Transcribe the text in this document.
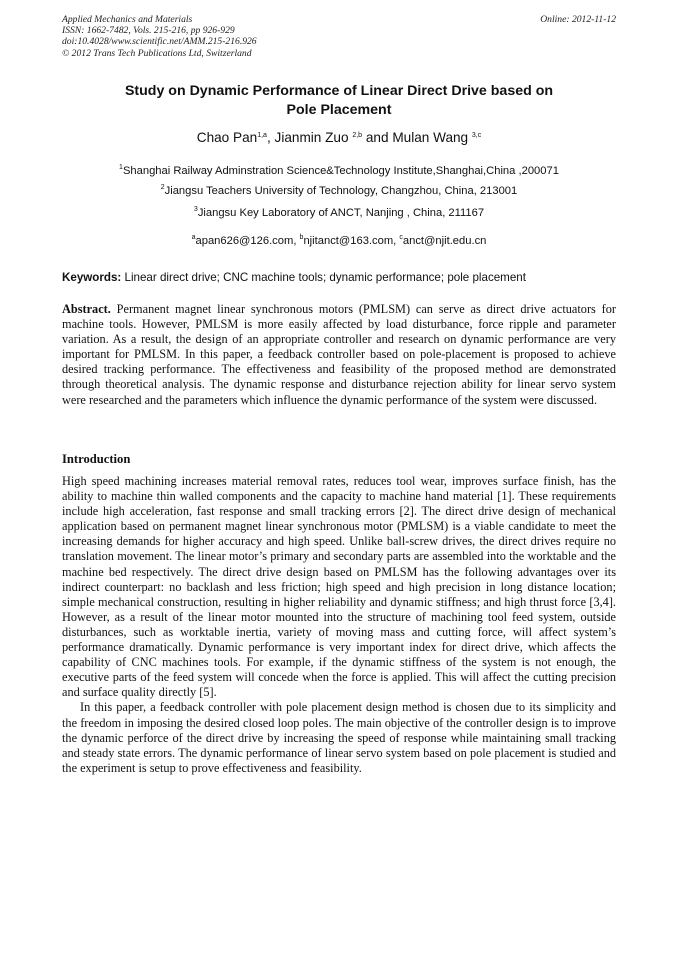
Applied Mechanics and Materials
ISSN: 1662-7482, Vols. 215-216, pp 926-929
doi:10.4028/www.scientific.net/AMM.215-216.926
© 2012 Trans Tech Publications Ltd, Switzerland
Online: 2012-11-12
Study on Dynamic Performance of Linear Direct Drive based on
Pole Placement
Chao Pan$^{1,a}$, Jianmin Zuo $^{2,b}$ and Mulan Wang $^{3,c}$
$^1$Shanghai Railway Adminstration Science&Technology Institute,Shanghai,China ,200071
$^2$Jiangsu Teachers University of Technology, Changzhou, China, 213001
$^3$Jiangsu Key Laboratory of ANCT, Nanjing , China, 211167
$^a$apan626@126.com, $^b$njitanct@163.com, $^c$anct@njit.edu.cn
Keywords: Linear direct drive; CNC machine tools; dynamic performance; pole placement
Abstract. Permanent magnet linear synchronous motors (PMLSM) can serve as direct drive actuators for machine tools. However, PMLSM is more easily affected by load disturbance, force ripple and parameter variation. As a result, the design of an appropriate controller and research on dynamic performance are very important for PMLSM. In this paper, a feedback controller based on pole-placement is proposed to achieve desired tracking performance. The effectiveness and feasibility of the proposed method are demonstrated through theoretical analysis. The dynamic response and disturbance rejection ability for linear servo system were researched and the parameters which influence the dynamic performance of the system were discussed.
Introduction

High speed machining increases material removal rates, reduces tool wear, improves surface finish, has the ability to machine thin walled components and the capacity to machine hand material [1]. These requirements include high acceleration, fast response and small tracking errors [2]. The direct drive design of mechanical application based on permanent magnet linear synchronous motor (PMLSM) is a viable candidate to meet the increasing demands for higher accuracy and high speed. Unlike ball-screw drives, the direct drives require no translation movement. The linear motor’s primary and secondary parts are assembled into the worktable and the machine bed respectively. The direct drive design based on PMLSM has the following advantages over its indirect counterpart: no backlash and less friction; high speed and high precision in long distance location; simple mechanical construction, resulting in higher reliability and dynamic stiffness; and high thrust force [3,4]. However, as a result of the linear motor mounted into the structure of machining tool feed system, outside disturbances, such as worktable inertia, variety of moving mass and cutting force, will affect system’s performance dramatically. Dynamic performance is very important index for direct drive, which affects the capability of CNC machines tools. For example, if the dynamic stiffness of the system is not enough, the executive parts of the feed system will concede when the force is applied. This will affect the cutting precision and surface quality directly [5].

In this paper, a feedback controller with pole placement design method is chosen due to its simplicity and the freedom in imposing the desired closed loop poles. The main objective of the controller design is to improve the dynamic perforce of the direct drive by increasing the speed of response while maintaining small tracking and steady state errors. The dynamic performance of linear servo system based on pole placement is studied and the experiment is setup to prove effectiveness and feasibility.
